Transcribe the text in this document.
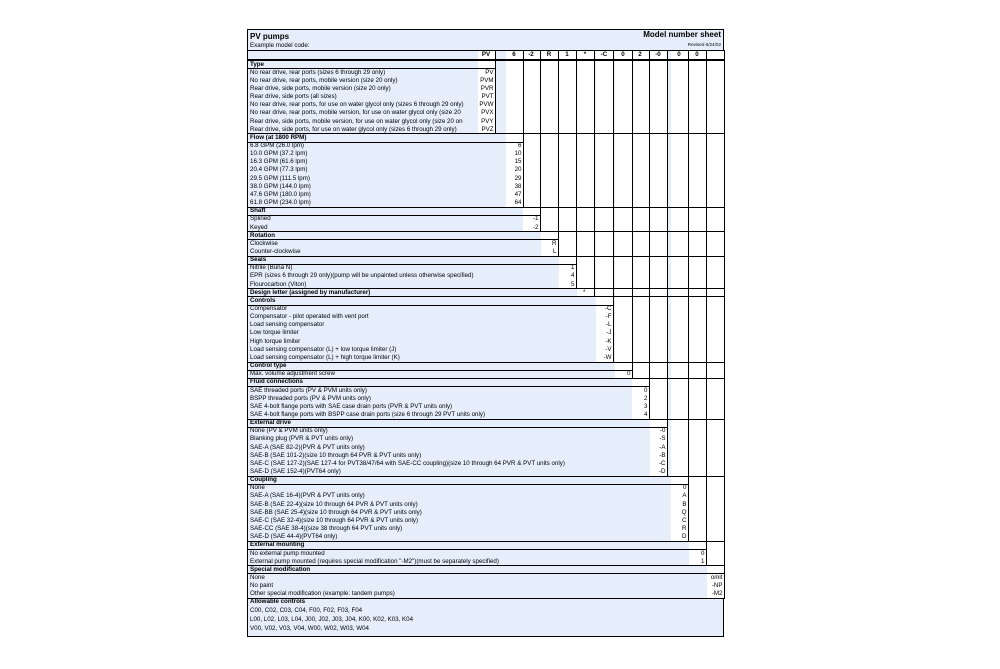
PV pumps	Model number sheet
Example model code:	Revised 6/24/02
PV	6	-2	R	1	*	-C	0	2	-0	0	0
Type
No rear drive, rear ports (sizes 6 through 29 only)	PV
No rear drive, rear ports, mobile version (size 20 only)	PVM
Rear drive, side ports, mobile version (size 20 only)	PVR
Rear drive, side ports (all sizes)	PVT
No rear drive, rear ports, for use on water glycol only (sizes 6 through 29 only)	PVW
No rear drive, rear ports, mobile version, for use on water glycol only (size 20	PVX
Rear drive, side ports, mobile version, for use on water glycol only (size 20 on	PVY
Rear drive, side ports, for use on water glycol only (sizes 6 through 29 only)	PVZ
Flow (at 1800 RPM)
6.8 GPM (26.0 lpm)	6
10.0 GPM (37.2 lpm)	10
16.3 GPM (61.6 lpm)	15
20.4 GPM (77.3 lpm)	20
29.5 GPM (111.5 lpm)	29
38.0 GPM (144.0 lpm)	38
47.6 GPM (180.0 lpm)	47
61.8 GPM (234.0 lpm)	64
Shaft
Splined	-1
Keyed	-2
Rotation
Clockwise	R
Counter-clockwise	L
Seals
Nitrile (Buna N)	1
EPR (sizes 6 through 29 only)(pump will be unpainted unless otherwise specified)	4
Flourocarbon (Viton)	5
Design letter (assigned by manufacturer)	*
Controls
Compensator	-C
Compensator - pilot operated with vent port	-F
Load sensing compensator	-L
Low torque limiter	-J
High torque limiter	-K
Load sensing compensator (L) + low torque limiter (J)	-V
Load sensing compensator (L) + high torque limiter (K)	-W
Control type
Max. volume adjustment screw	0
Fluid connections
SAE threaded ports (PV & PVM units only)	0
BSPP threaded ports (PV & PVM units only)	2
SAE 4-bolt flange ports with SAE case drain ports (PVR & PVT units only)	3
SAE 4-bolt flange ports with BSPP case drain ports (size 6 through 29 PVT units only)	4
External drive
None (PV & PVM units only)	-0
Blanking plug (PVR & PVT units only)	-S
SAE-A (SAE 82-2)(PVR & PVT units only)	-A
SAE-B (SAE 101-2)(size 10 through 64 PVR & PVT units only)	-B
SAE-C (SAE 127-2)(SAE 127-4 for PVT38/47/64 with SAE-CC coupling)(size 10 through 64 PVR & PVT units only)	-C
SAE-D (SAE 152-4)(PVT64 only)	-D
Coupling
None	0
SAE-A (SAE 16-4)(PVR & PVT units only)	A
SAE-B (SAE 22-4)(size 10 through 64 PVR & PVT units only)	B
SAE-BB (SAE 25-4)(size 10 through 64 PVR & PVT units only)	Q
SAE-C (SAE 32-4)(size 10 through 64 PVR & PVT units only)	C
SAE-CC (SAE 38-4)(size 38 through 64 PVT units only)	R
SAE-D (SAE 44-4)(PVT64 only)	D
External mounting
No external pump mounted	0
External pump mounted (requires special modification "-M2")(must be separately specified)	1
Special modification
None	omit
No paint	-NP
Other special modification (example: tandem pumps)	-M2
Allowable controls
C00, C02, C03, C04, F00, F02, F03, F04
L00, L02, L03, L04, J00, J02, J03, J04, K00, K02, K03, K04
V00, V02, V03, V04, W00, W02, W03, W04
